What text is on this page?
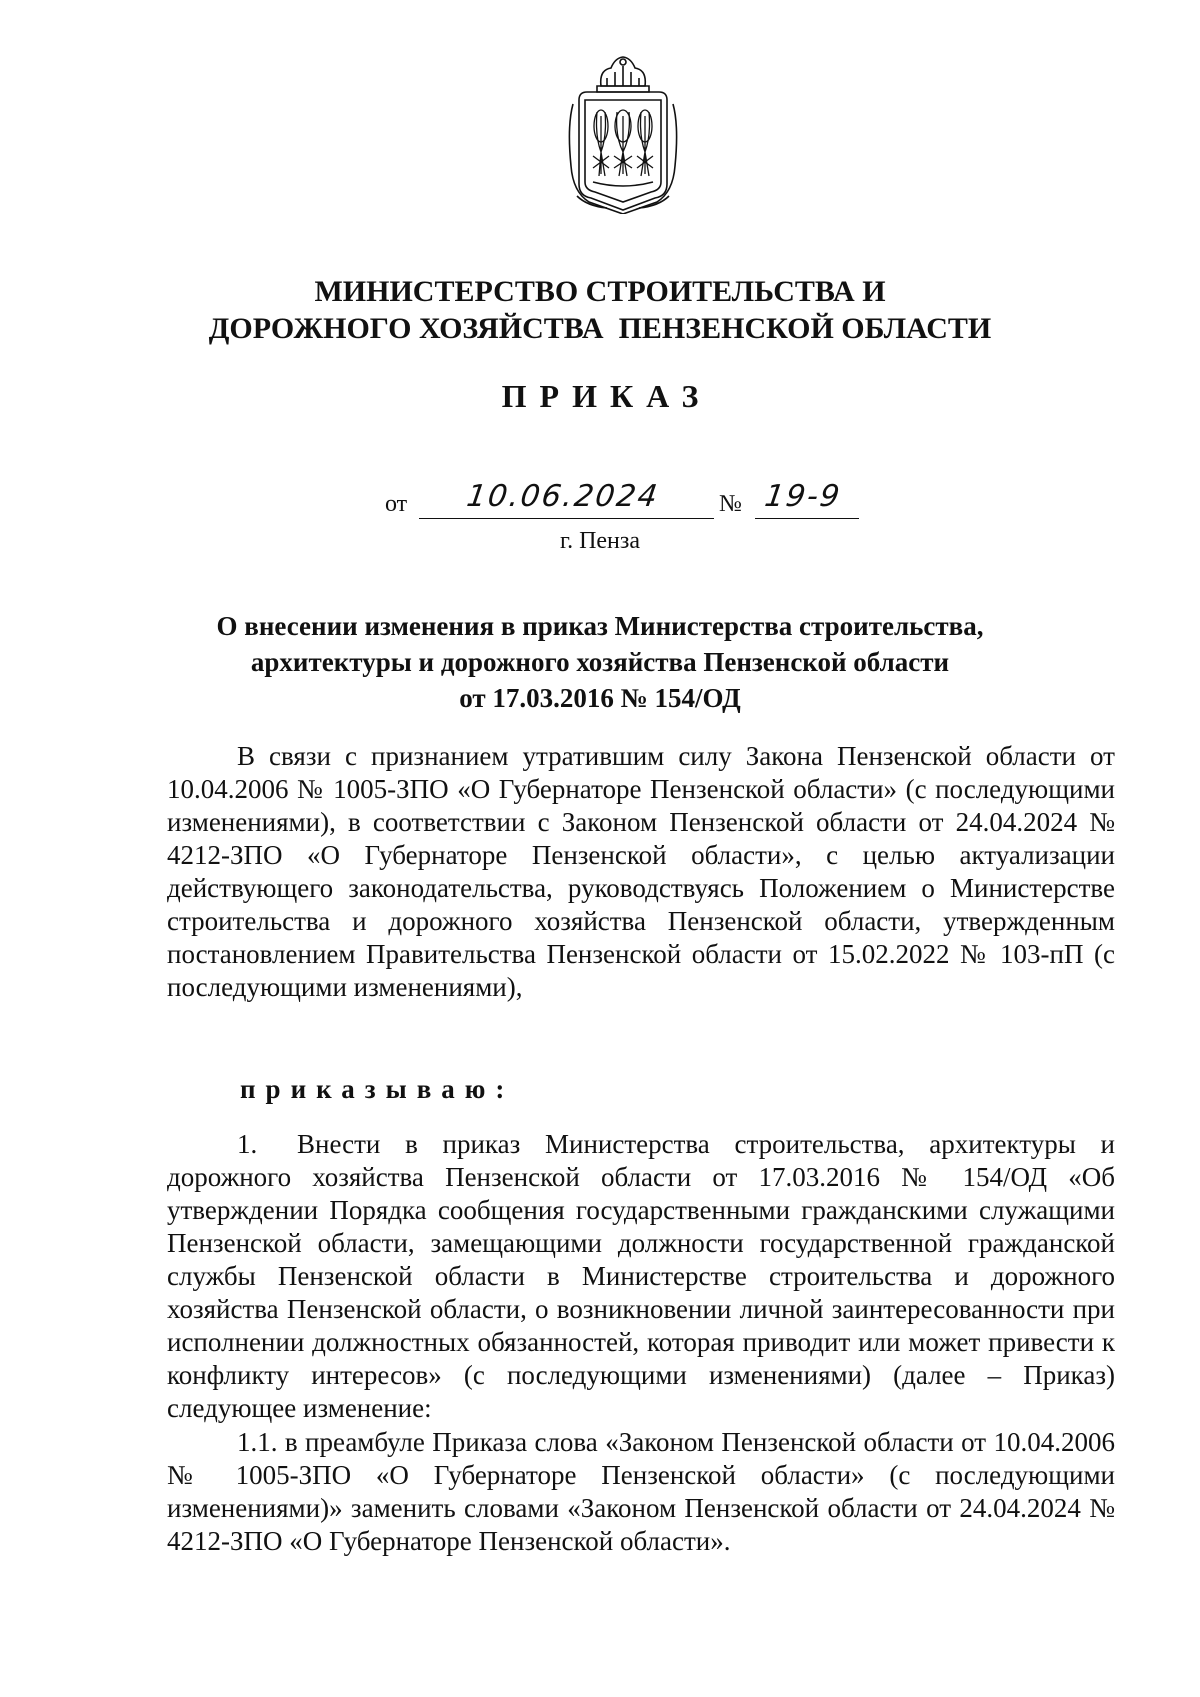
МИНИСТЕРСТВО СТРОИТЕЛЬСТВА И
ДОРОЖНОГО ХОЗЯЙСТВА  ПЕНЗЕНСКОЙ ОБЛАСТИ
ПРИКАЗ
от 10.06.2024 № 19-9
г. Пенза
О внесении изменения в приказ Министерства строительства,
архитектуры и дорожного хозяйства Пензенской области
от 17.03.2016 № 154/ОД
В связи с признанием утратившим силу Закона Пензенской области от 10.04.2006 № 1005-ЗПО «О Губернаторе Пензенской области» (с последующими изменениями), в соответствии с Законом Пензенской области от 24.04.2024 № 4212-ЗПО «О Губернаторе Пензенской области», с целью актуализации действующего законодательства, руководствуясь Положением о Министерстве строительства и дорожного хозяйства Пензенской области, утвержденным постановлением Правительства Пензенской области от 15.02.2022 № 103-пП (с последующими изменениями),
приказываю:
1. Внести в приказ Министерства строительства, архитектуры и дорожного хозяйства Пензенской области от 17.03.2016 № 154/ОД «Об утверждении Порядка сообщения государственными гражданскими служащими Пензенской области, замещающими должности государственной гражданской службы Пензенской области в Министерстве строительства и дорожного хозяйства Пензенской области, о возникновении личной заинтересованности при исполнении должностных обязанностей, которая приводит или может привести к конфликту интересов» (с последующими изменениями) (далее – Приказ) следующее изменение:
1.1. в преамбуле Приказа слова «Законом Пензенской области от 10.04.2006 № 1005-ЗПО «О Губернаторе Пензенской области» (с последующими изменениями)» заменить словами «Законом Пензенской области от 24.04.2024 № 4212-ЗПО «О Губернаторе Пензенской области».
